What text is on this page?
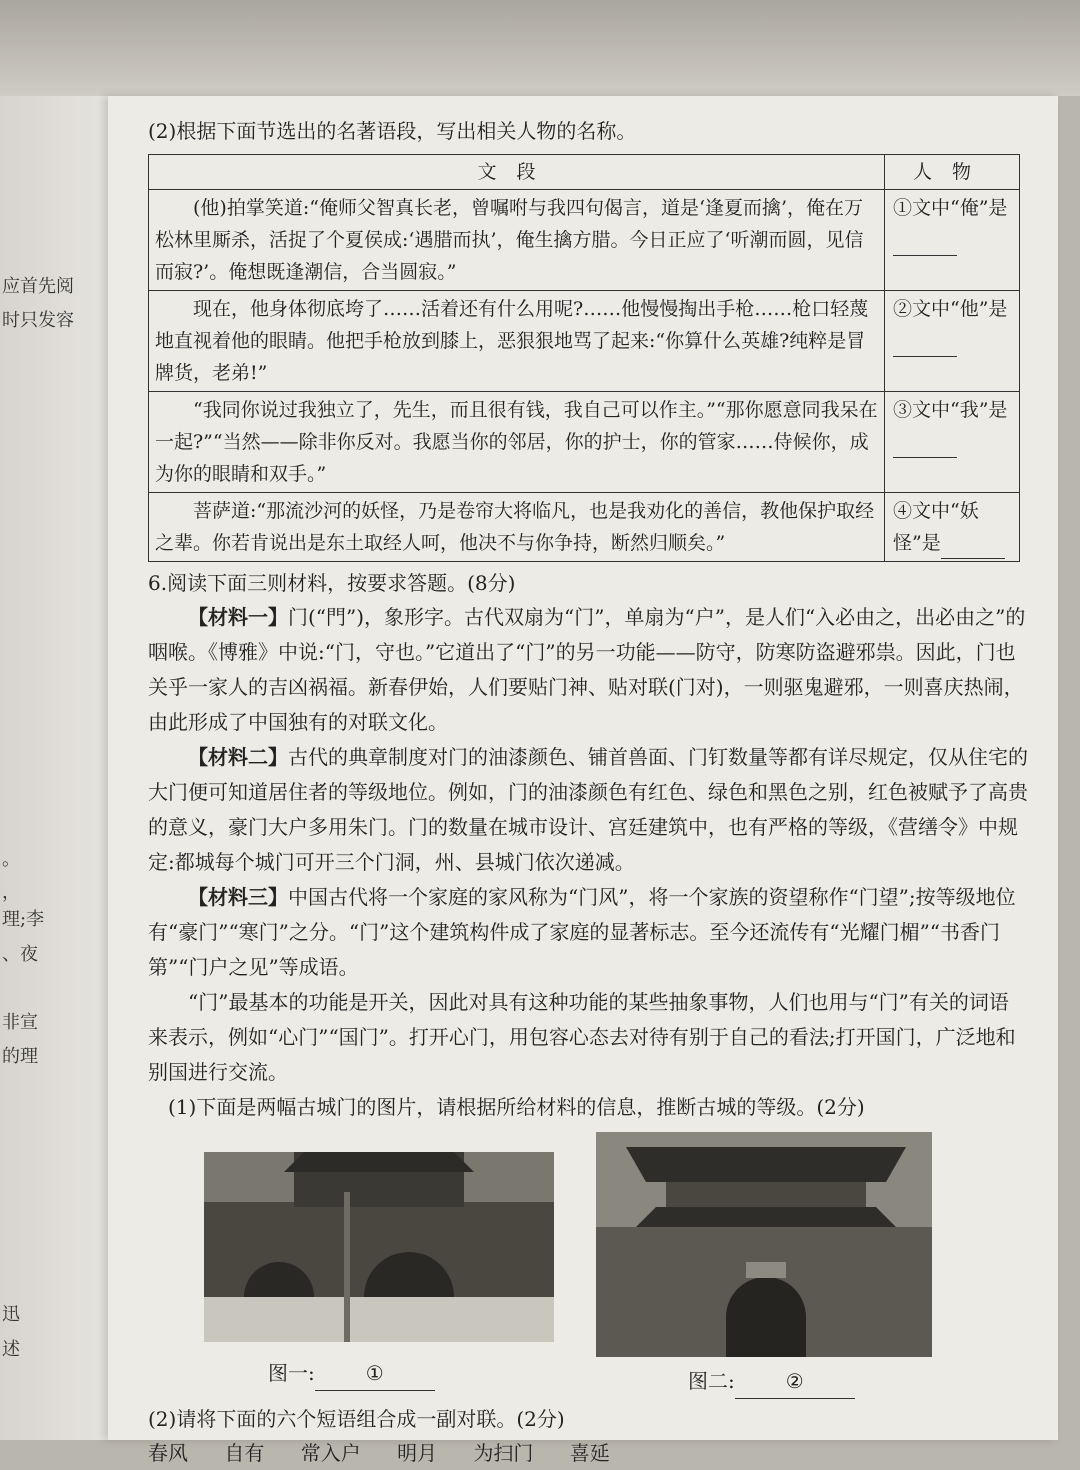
应首先阅
时只发容
。
，
理;李
、夜
非宣
的理
迅
述

(2)根据下面节选出的名著语段，写出相关人物的名称。

文段	人物
(他)拍掌笑道:“俺师父智真长老，曾嘱咐与我四句偈言，道是‘逢夏而擒’，俺在万松林里厮杀，活捉了个夏侯成:‘遇腊而执’，俺生擒方腊。今日正应了‘听潮而圆，见信而寂?’。俺想既逢潮信，合当圆寂。”	①文中“俺”是
现在，他身体彻底垮了……活着还有什么用呢?……他慢慢掏出手枪……枪口轻蔑地直视着他的眼睛。他把手枪放到膝上，恶狠狠地骂了起来:“你算什么英雄?纯粹是冒牌货，老弟!”	②文中“他”是
“我同你说过我独立了，先生，而且很有钱，我自己可以作主。”“那你愿意同我呆在一起?”“当然——除非你反对。我愿当你的邻居，你的护士，你的管家……侍候你，成为你的眼睛和双手。”	③文中“我”是
菩萨道:“那流沙河的妖怪，乃是卷帘大将临凡，也是我劝化的善信，教他保护取经之辈。你若肯说出是东土取经人呵，他决不与你争持，断然归顺矣。”	④文中“妖怪”是

6.阅读下面三则材料，按要求答题。(8分)

【材料一】门(“門”)，象形字。古代双扇为“门”，单扇为“户”，是人们“入必由之，出必由之”的咽喉。《博雅》中说:“门，守也。”它道出了“门”的另一功能——防守，防寒防盗避邪祟。因此，门也关乎一家人的吉凶祸福。新春伊始，人们要贴门神、贴对联(门对)，一则驱鬼避邪，一则喜庆热闹，由此形成了中国独有的对联文化。

【材料二】古代的典章制度对门的油漆颜色、铺首兽面、门钉数量等都有详尽规定，仅从住宅的大门便可知道居住者的等级地位。例如，门的油漆颜色有红色、绿色和黑色之别，红色被赋予了高贵的意义，豪门大户多用朱门。门的数量在城市设计、宫廷建筑中，也有严格的等级，《营缮令》中规定:都城每个城门可开三个门洞，州、县城门依次递减。

【材料三】中国古代将一个家庭的家风称为“门风”，将一个家族的资望称作“门望”;按等级地位有“豪门”“寒门”之分。“门”这个建筑构件成了家庭的显著标志。至今还流传有“光耀门楣”“书香门第”“门户之见”等成语。

“门”最基本的功能是开关，因此对具有这种功能的某些抽象事物，人们也用与“门”有关的词语来表示，例如“心门”“国门”。打开心门，用包容心态去对待有别于自己的看法;打开国门，广泛地和别国进行交流。

(1)下面是两幅古城门的图片，请根据所给材料的信息，推断古城的等级。(2分)

图一:	①	图二:	②

(2)请将下面的六个短语组合成一副对联。(2分)

春风 自有 常入户 明月 为扫门 喜延
